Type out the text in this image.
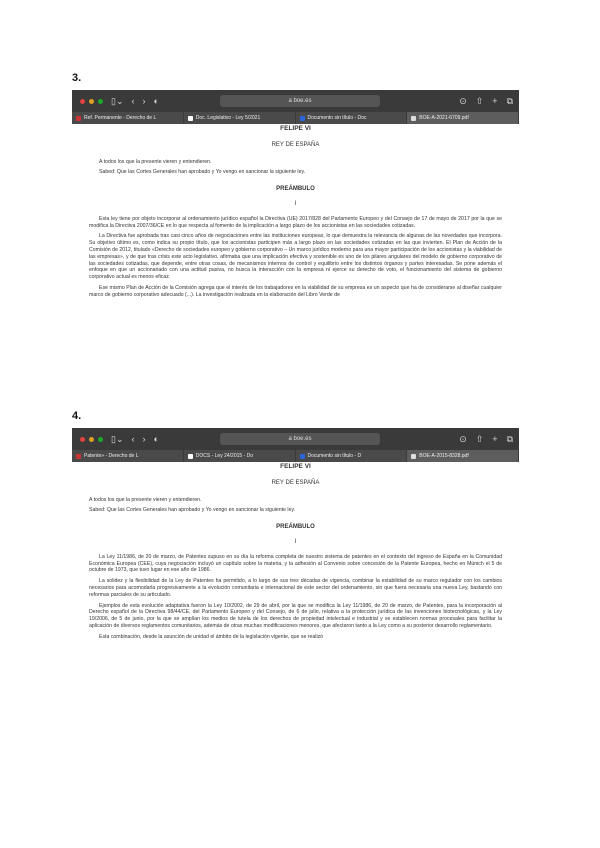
3.
▯⌄ ‹ › ◐	a boe.es	⊙ ⇧ + ⧉
Ref. Permanente - Derecho de L	Doc. Legislativo - Ley 5/2021	Documento sin título - Doc	BOE-A-2021-6709.pdf
FELIPE VI
REY DE ESPAÑA

A todos los que la presente vieren y entendieren.

Sabed: Que las Cortes Generales han aprobado y Yo vengo en sancionar la siguiente ley.

PREÁMBULO
I

Esta ley tiene por objeto incorporar al ordenamiento jurídico español la Directiva (UE) 2017/828 del Parlamento Europeo y del Consejo de 17 de mayo de 2017 por la que se modifica la Directiva 2007/36/CE en lo que respecta al fomento de la implicación a largo plazo de los accionistas en las sociedades cotizadas.

La Directiva fue aprobada tras casi cinco años de negociaciones entre las instituciones europeas, lo que demuestra la relevancia de algunas de las novedades que incorpora. Su objetivo último es, como indica su propio título, que los accionistas participen más a largo plazo en las sociedades cotizadas en las que invierten. El Plan de Acción de la Comisión de 2012, titulado «Derecho de sociedades europeo y gobierno corporativo – Un marco jurídico moderno para una mayor participación de los accionistas y la viabilidad de las empresas», y de que tras crisis este acto legislativo, afirmaba que una implicación efectiva y sostenible es uno de los pilares angulares del modelo de gobierno corporativo de las sociedades cotizadas, que depende, entre otras cosas, de mecanismos internos de control y equilibrio entre los distintos órganos y partes interesadas. Se pone además el enfoque en que un accionariado con una actitud pasiva, no busca la interacción con la empresa ni ejerce su derecho de voto, el funcionamiento del sistema de gobierno corporativo actual es menos eficaz.

Ese mismo Plan de Acción de la Comisión agrega que el interés de los trabajadores en la viabilidad de su empresa es un aspecto que ha de considerarse al diseñar cualquier marco de gobierno corporativo adecuado (...). La investigación realizada en la elaboración del Libro Verde de

4.
▯⌄ ‹ › ◐	a boe.es	⊙ ⇧ + ⧉
Patente» - Derecho de L	DOCS - Ley 24/2015 - Do	Documento sin título - D	BOE-A-2015-8328.pdf
FELIPE VI
REY DE ESPAÑA

A todos los que la presente vieren y entendieren.

Sabed: Que las Cortes Generales han aprobado y Yo vengo en sancionar la siguiente ley.

PREÁMBULO
I

La Ley 11/1986, de 20 de marzo, de Patentes supuso en su día la reforma completa de nuestro sistema de patentes en el contexto del ingreso de España en la Comunidad Económica Europea (CEE), cuya negociación incluyó un capítulo sobre la materia, y la adhesión al Convenio sobre concesión de la Patente Europea, hecho en Múnich el 5 de octubre de 1973, que tuvo lugar en ese año de 1986.

La solidez y la flexibilidad de la Ley de Patentes ha permitido, a lo largo de sus tres décadas de vigencia, combinar la estabilidad de su marco regulador con los cambios necesarios para acomodarla progresivamente a la evolución comunitaria e internacional de este sector del ordenamiento, sin que fuera necesaria una nueva Ley, bastando con reformas parciales de su articulado.

Ejemplos de esta evolución adaptativa fueron la Ley 10/2002, de 29 de abril, por la que se modifica la Ley 11/1986, de 20 de marzo, de Patentes, para la incorporación al Derecho español de la Directiva 98/44/CE, del Parlamento Europeo y del Consejo, de 6 de julio, relativa a la protección jurídica de las invenciones biotecnológicas, y la Ley 19/2006, de 5 de junio, por la que se amplían los medios de tutela de los derechos de propiedad intelectual e industrial y se establecen normas procesales para facilitar la aplicación de diversos reglamentos comunitarios, además de otras muchas modificaciones menores, que afectaron tanto a la Ley como a su posterior desarrollo reglamentario.

Esta combinación, desde la asunción de unidad el ámbito de la legislación vigente, que se realizó
